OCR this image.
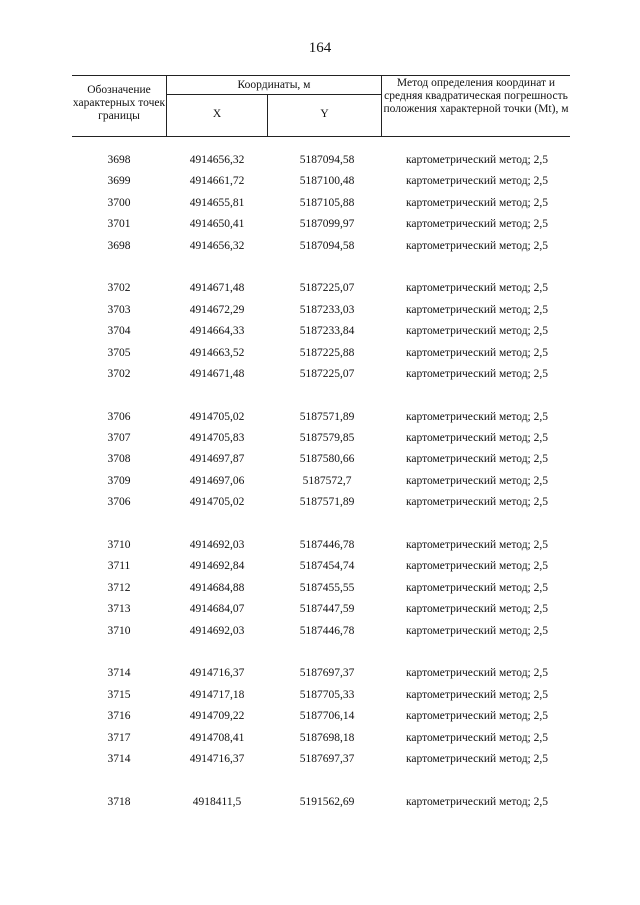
164
Обозначение характерных точек границы
Координаты, м
X	Y
Метод определения координат и средняя квадратическая погрешность положения характерной точки (Mt), м
3698	4914656,32	5187094,58	картометрический метод; 2,5
3699	4914661,72	5187100,48	картометрический метод; 2,5
3700	4914655,81	5187105,88	картометрический метод; 2,5
3701	4914650,41	5187099,97	картометрический метод; 2,5
3698	4914656,32	5187094,58	картометрический метод; 2,5
3702	4914671,48	5187225,07	картометрический метод; 2,5
3703	4914672,29	5187233,03	картометрический метод; 2,5
3704	4914664,33	5187233,84	картометрический метод; 2,5
3705	4914663,52	5187225,88	картометрический метод; 2,5
3702	4914671,48	5187225,07	картометрический метод; 2,5
3706	4914705,02	5187571,89	картометрический метод; 2,5
3707	4914705,83	5187579,85	картометрический метод; 2,5
3708	4914697,87	5187580,66	картометрический метод; 2,5
3709	4914697,06	5187572,7	картометрический метод; 2,5
3706	4914705,02	5187571,89	картометрический метод; 2,5
3710	4914692,03	5187446,78	картометрический метод; 2,5
3711	4914692,84	5187454,74	картометрический метод; 2,5
3712	4914684,88	5187455,55	картометрический метод; 2,5
3713	4914684,07	5187447,59	картометрический метод; 2,5
3710	4914692,03	5187446,78	картометрический метод; 2,5
3714	4914716,37	5187697,37	картометрический метод; 2,5
3715	4914717,18	5187705,33	картометрический метод; 2,5
3716	4914709,22	5187706,14	картометрический метод; 2,5
3717	4914708,41	5187698,18	картометрический метод; 2,5
3714	4914716,37	5187697,37	картометрический метод; 2,5
3718	4918411,5	5191562,69	картометрический метод; 2,5
